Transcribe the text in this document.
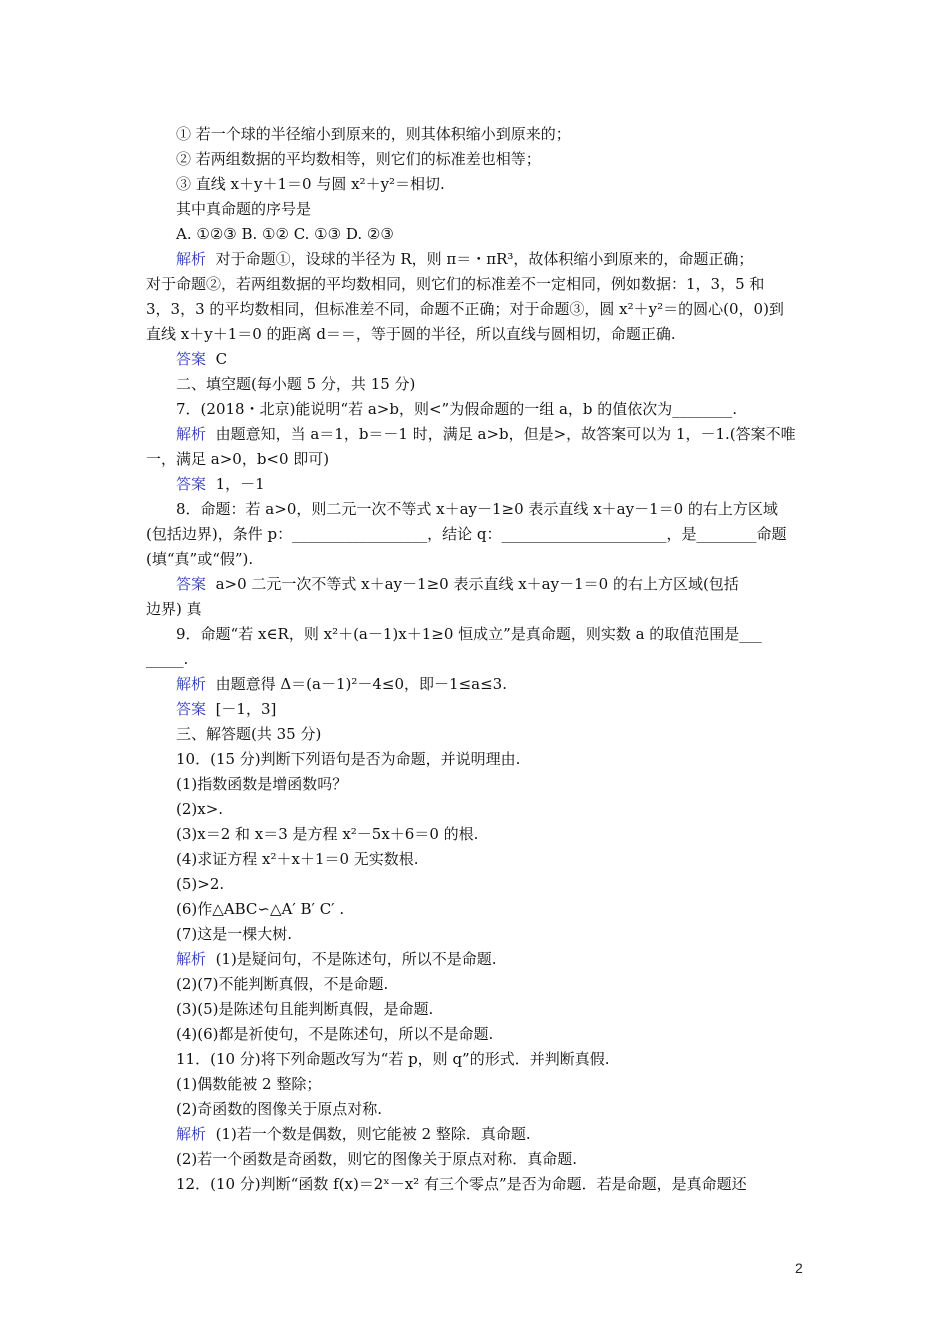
① 若一个球的半径缩小到原来的，则其体积缩小到原来的；
② 若两组数据的平均数相等，则它们的标准差也相等；
③ 直线 x＋y＋1＝0 与圆 x²＋y²＝相切.
其中真命题的序号是
A. ①②③ B. ①② C. ①③ D. ②③
解析 对于命题①，设球的半径为 R，则 π＝・πR³，故体积缩小到原来的，命题正确；
对于命题②，若两组数据的平均数相同，则它们的标准差不一定相同，例如数据：1，3，5 和
3，3，3 的平均数相同，但标准差不同，命题不正确；对于命题③，圆 x²＋y²＝的圆心(0，0)到
直线 x＋y＋1＝0 的距离 d＝＝，等于圆的半径，所以直线与圆相切，命题正确.
答案 C
二、填空题(每小题 5 分，共 15 分)
7．(2018・北京)能说明“若 a>b，则<”为假命题的一组 a，b 的值依次为________.
解析 由题意知，当 a＝1，b＝－1 时，满足 a>b，但是>，故答案可以为 1，－1.(答案不唯
一，满足 a>0，b<0 即可)
答案 1，－1
8．命题：若 a>0，则二元一次不等式 x＋ay－1≥0 表示直线 x＋ay－1＝0 的右上方区域
(包括边界)，条件 p：__________________，结论 q：______________________，是________命题
(填“真”或“假”).
答案 a>0 二元一次不等式 x＋ay－1≥0 表示直线 x＋ay－1＝0 的右上方区域(包括
边界) 真
9．命题“若 x∈R，则 x²＋(a－1)x＋1≥0 恒成立”是真命题，则实数 a 的取值范围是___
_____.
解析 由题意得 Δ＝(a－1)²－4≤0，即－1≤a≤3.
答案 [－1，3]
三、解答题(共 35 分)
10．(15 分)判断下列语句是否为命题，并说明理由.
(1)指数函数是增函数吗？
(2)x>.
(3)x＝2 和 x＝3 是方程 x²－5x＋6＝0 的根.
(4)求证方程 x²＋x＋1＝0 无实数根.
(5)>2.
(6)作△ABC∽△A′ B′ C′ .
(7)这是一棵大树.
解析 (1)是疑问句，不是陈述句，所以不是命题.
(2)(7)不能判断真假，不是命题.
(3)(5)是陈述句且能判断真假，是命题.
(4)(6)都是祈使句，不是陈述句，所以不是命题.
11．(10 分)将下列命题改写为“若 p，则 q”的形式．并判断真假.
(1)偶数能被 2 整除；
(2)奇函数的图像关于原点对称.
解析 (1)若一个数是偶数，则它能被 2 整除．真命题.
(2)若一个函数是奇函数，则它的图像关于原点对称．真命题.
12．(10 分)判断“函数 f(x)＝2ˣ－x² 有三个零点”是否为命题．若是命题，是真命题还
2
